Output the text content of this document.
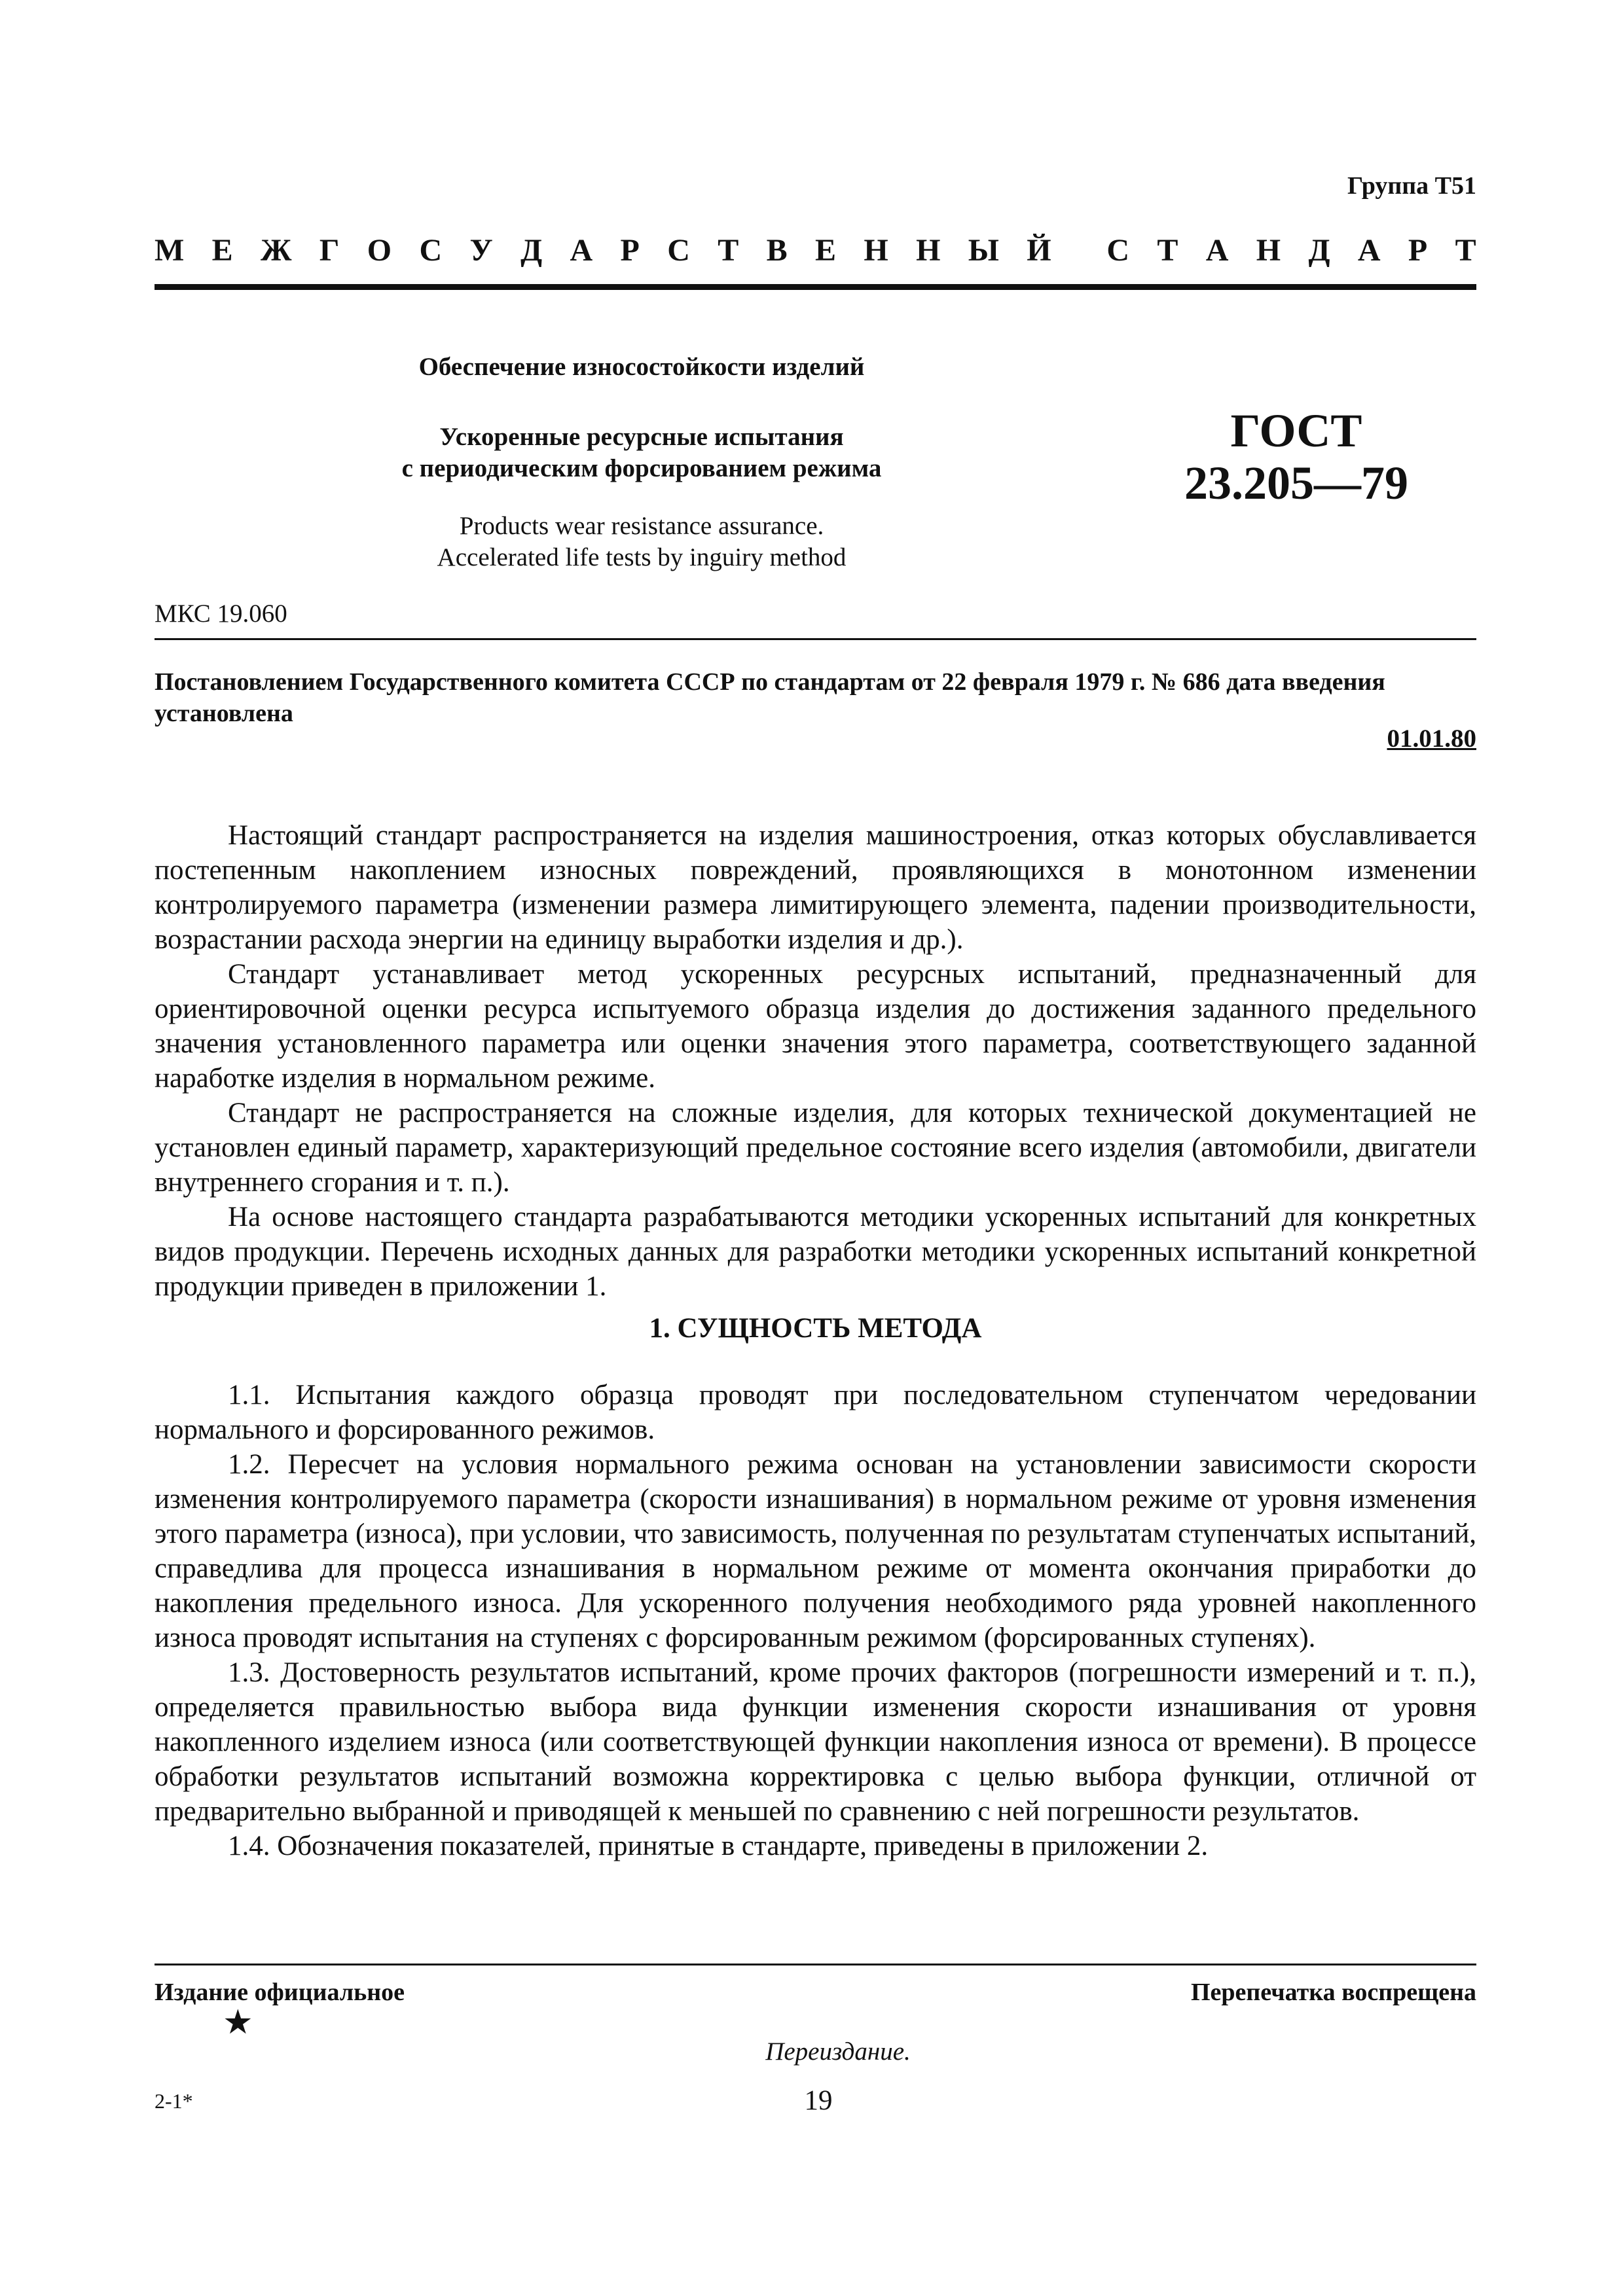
Группа Т51
М Е Ж Г О С У Д А Р С Т В Е Н Н Ы Й С Т А Н Д А Р Т
Обеспечение износостойкости изделий
Ускоренные ресурсные испытания
с периодическим форсированием режима
Products wear resistance assurance.
Accelerated life tests by inguiry method
ГОСТ
23.205—79
МКС 19.060
Постановлением Государственного комитета СССР по стандартам от 22 февраля 1979 г. № 686 дата введения установлена
01.01.80

Настоящий стандарт распространяется на изделия машиностроения, отказ которых обуславливается постепенным накоплением износных повреждений, проявляющихся в монотонном изменении контролируемого параметра (изменении размера лимитирующего элемента, падении производительности, возрастании расхода энергии на единицу выработки изделия и др.).

Стандарт устанавливает метод ускоренных ресурсных испытаний, предназначенный для ориентировочной оценки ресурса испытуемого образца изделия до достижения заданного предельного значения установленного параметра или оценки значения этого параметра, соответствующего заданной наработке изделия в нормальном режиме.

Стандарт не распространяется на сложные изделия, для которых технической документацией не установлен единый параметр, характеризующий предельное состояние всего изделия (автомобили, двигатели внутреннего сгорания и т. п.).

На основе настоящего стандарта разрабатываются методики ускоренных испытаний для конкретных видов продукции. Перечень исходных данных для разработки методики ускоренных испытаний конкретной продукции приведен в приложении 1.

1. СУЩНОСТЬ МЕТОДА

1.1. Испытания каждого образца проводят при последовательном ступенчатом чередовании нормального и форсированного режимов.

1.2. Пересчет на условия нормального режима основан на установлении зависимости скорости изменения контролируемого параметра (скорости изнашивания) в нормальном режиме от уровня изменения этого параметра (износа), при условии, что зависимость, полученная по результатам ступенчатых испытаний, справедлива для процесса изнашивания в нормальном режиме от момента окончания приработки до накопления предельного износа. Для ускоренного получения необходимого ряда уровней накопленного износа проводят испытания на ступенях с форсированным режимом (форсированных ступенях).

1.3. Достоверность результатов испытаний, кроме прочих факторов (погрешности измерений и т. п.), определяется правильностью выбора вида функции изменения скорости изнашивания от уровня накопленного изделием износа (или соответствующей функции накопления износа от времени). В процессе обработки результатов испытаний возможна корректировка с целью выбора функции, отличной от предварительно выбранной и приводящей к меньшей по сравнению с ней погрешности результатов.

1.4. Обозначения показателей, принятые в стандарте, приведены в приложении 2.

Издание официальное	Перепечатка воспрещена
★
Переиздание.
2-1*	19
